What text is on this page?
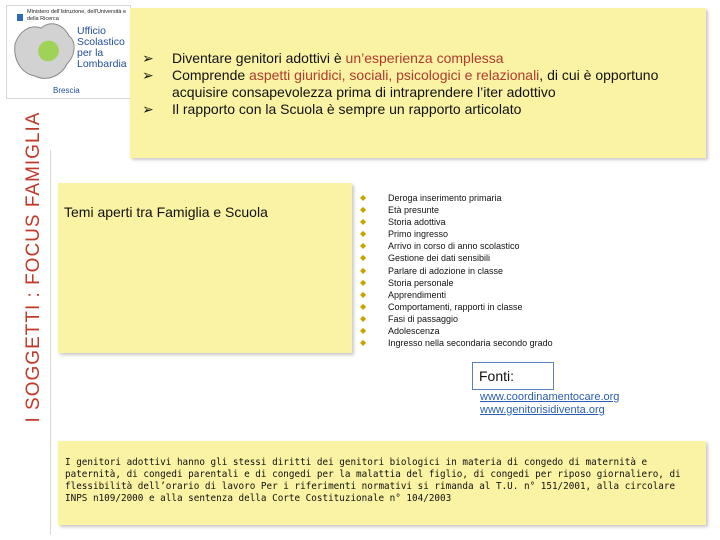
I SOGGETTI : FOCUS FAMIGLIA
Ministero dell'Istruzione, dell'Università e della Ricerca
Ufficio Scolastico per la Lombardia
Brescia
➢ Diventare genitori adottivi è un’esperienza complessa
➢ Comprende aspetti giuridici, sociali, psicologici e relazionali, di cui è opportuno acquisire consapevolezza prima di intraprendere l’iter adottivo
➢ Il rapporto con la Scuola è sempre un rapporto articolato
Temi aperti tra Famiglia e Scuola
◆ Deroga inserimento primaria
◆ Età presunte
◆ Storia adottiva
◆ Primo ingresso
◆ Arrivo in corso di anno scolastico
◆ Gestione dei dati sensibili
◆ Parlare di adozione in classe
◆ Storia personale
◆ Apprendimenti
◆ Comportamenti, rapporti in classe
◆ Fasi di passaggio
◆ Adolescenza
◆ Ingresso nella secondaria secondo grado
Fonti:
www.coordinamentocare.org
www.genitorisidiventa.org
I genitori adottivi hanno gli stessi diritti dei genitori biologici in materia di congedo di maternità e paternità, di congedi parentali e di congedi per la malattia del figlio, di congedi per riposo giornaliero, di flessibilità dell’orario di lavoro Per i riferimenti normativi si rimanda al T.U. n° 151/2001, alla circolare INPS n109/2000 e alla sentenza della Corte Costituzionale n° 104/2003
